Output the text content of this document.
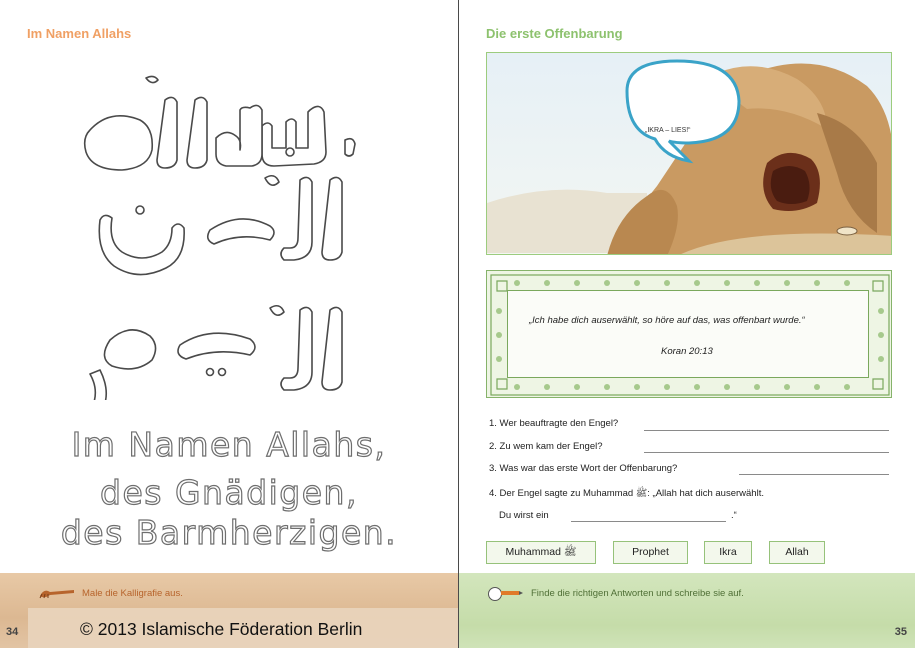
Im Namen Allahs
Im Namen Allahs,
des Gnädigen,
des Barmherzigen.
Male die Kalligrafie aus.
© 2013 Islamische Föderation Berlin
34
Die erste Offenbarung
„IKRA – LIES!“
„Ich habe dich auserwählt, so höre auf das, was offenbart wurde.“
Koran 20:13
1. Wer beauftragte den Engel?
2. Zu wem kam der Engel?
3. Was war das erste Wort der Offenbarung?
4. Der Engel sagte zu Muhammad ﷺ: „Allah hat dich auserwählt.
Du wirst ein	.“
Muhammad ﷺ	Prophet	Ikra	Allah
Finde die richtigen Antworten und schreibe sie auf.
35
